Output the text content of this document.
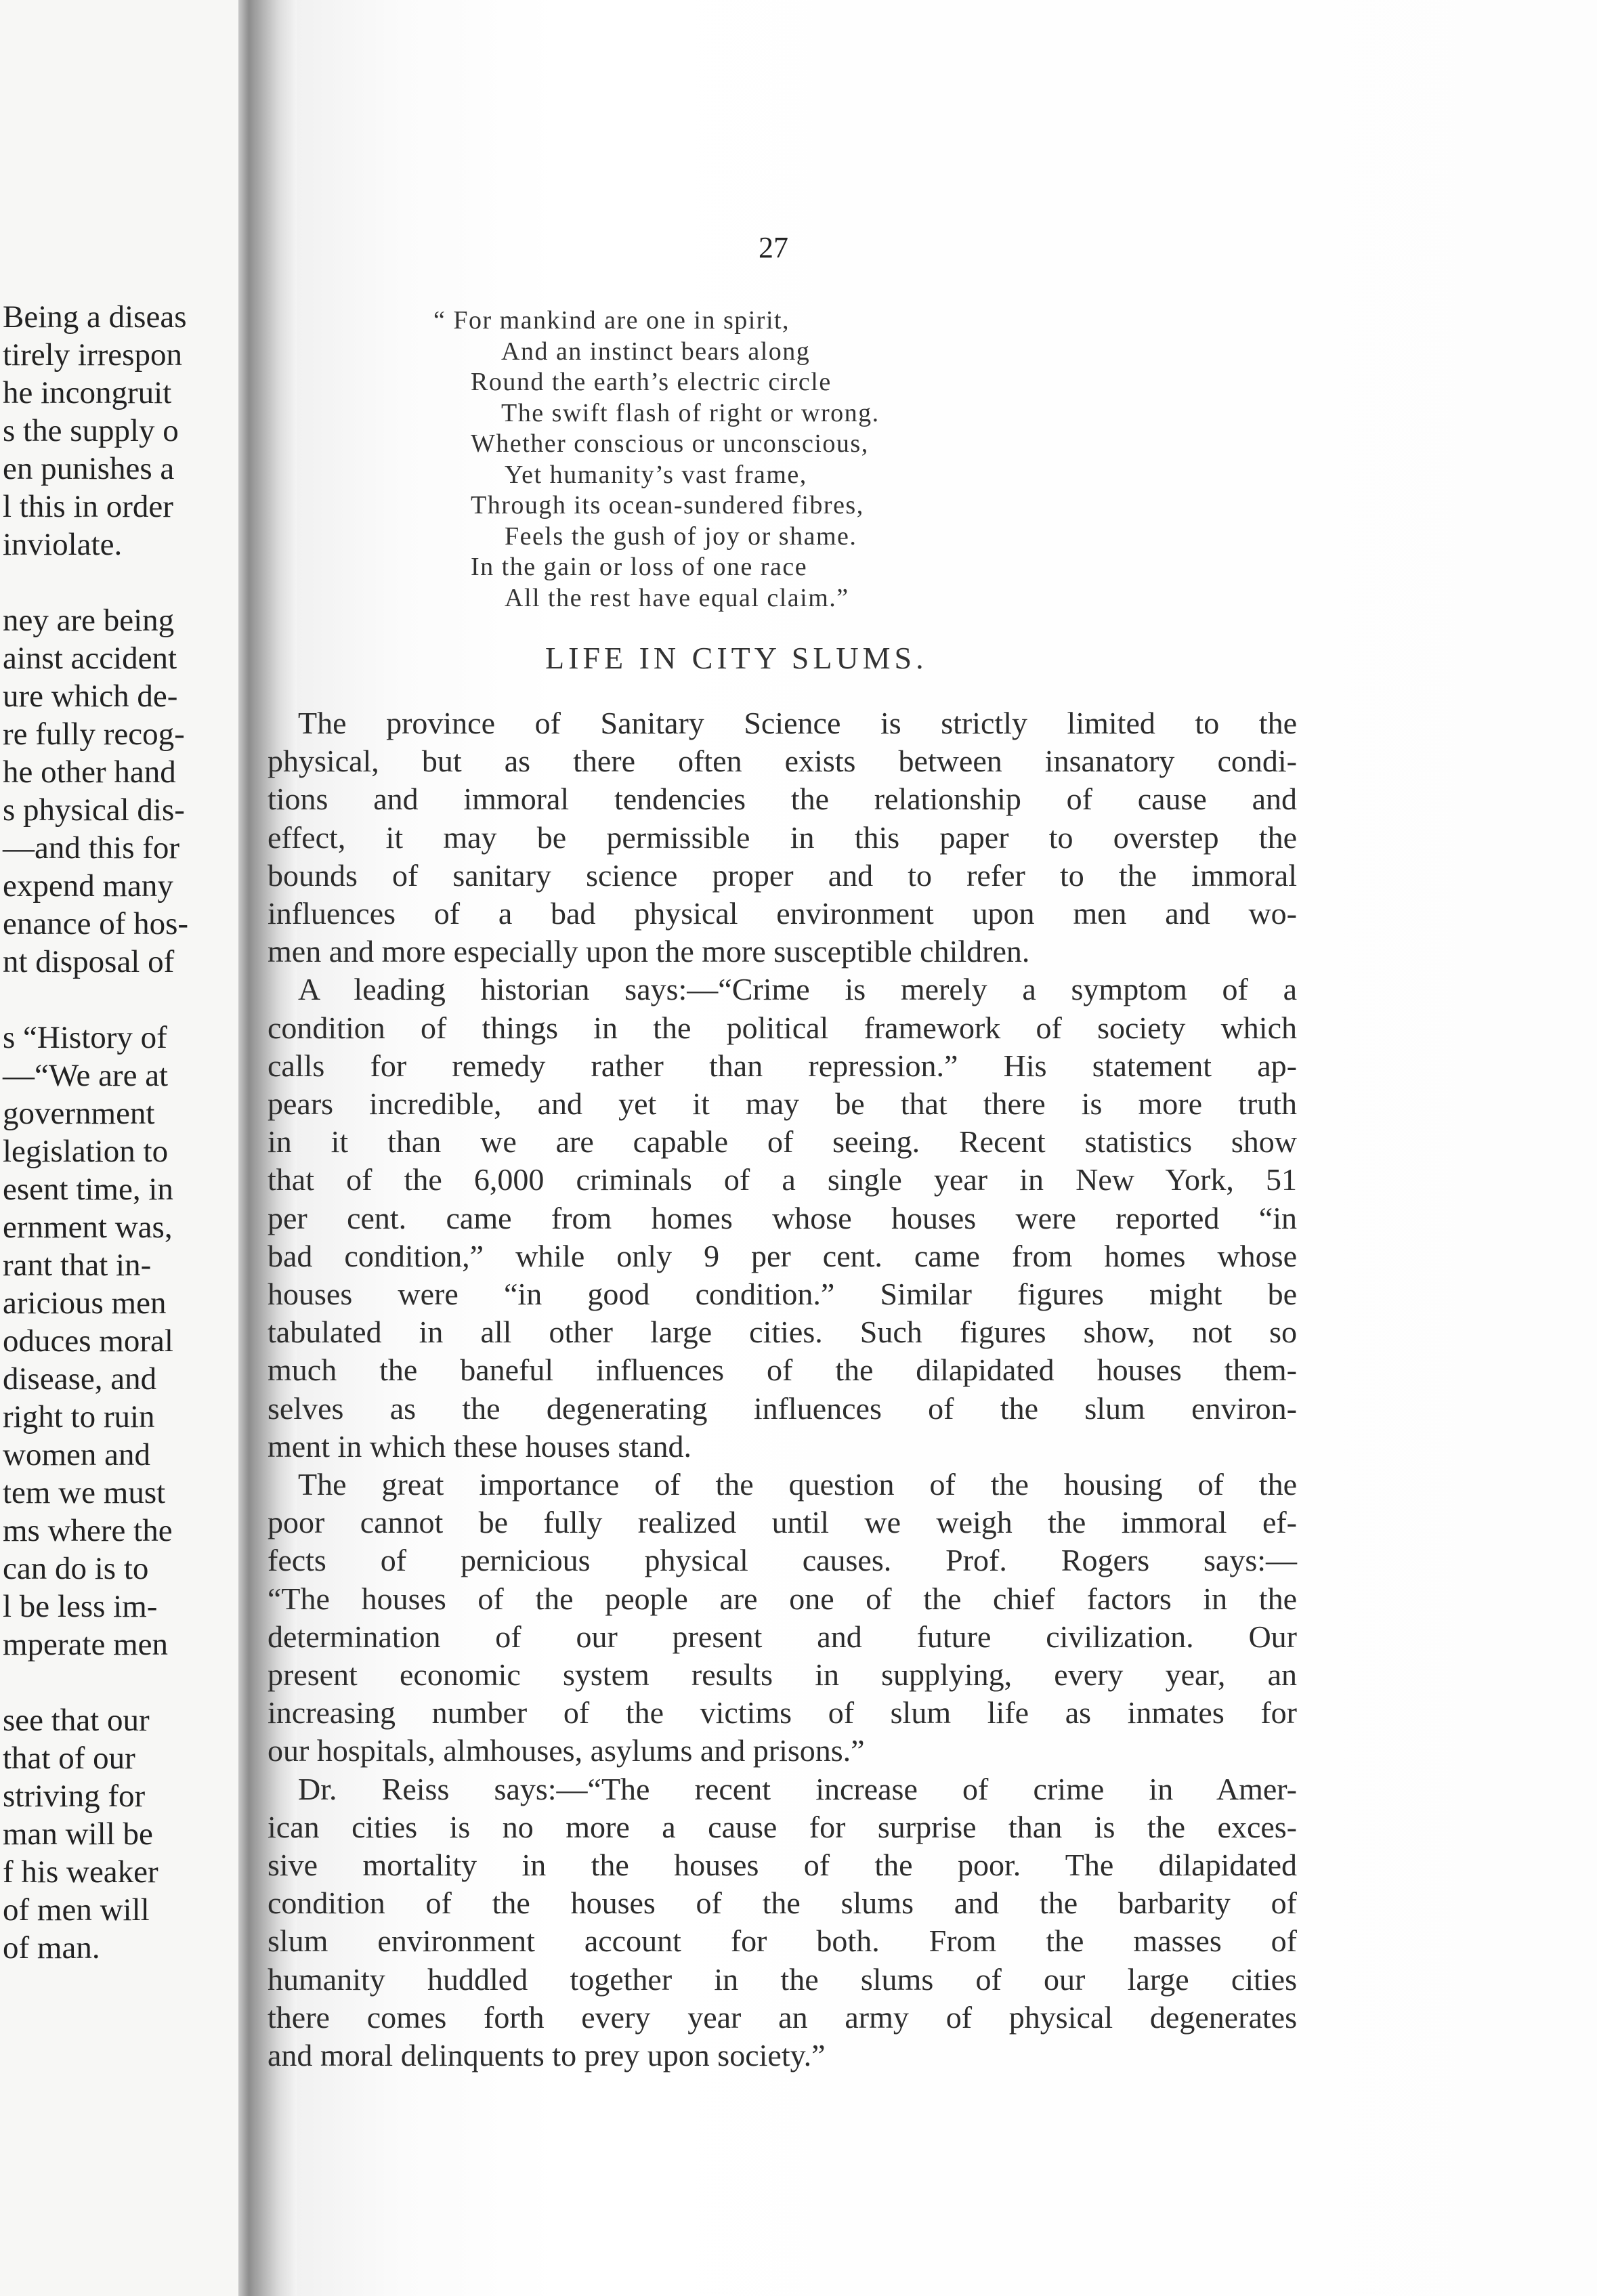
Being a diseas
tirely irrespon
he incongruit
s the supply o
en punishes a
l this in order
inviolate.
ney are being
ainst accident
ure which de-
re fully recog-
he other hand
s physical dis-
—and this for
expend many
enance of hos-
nt disposal of
s “History of
—“We are at
government
legislation to
esent time, in
ernment was,
rant that in-
aricious men
oduces moral
disease, and
right to ruin
women and
tem we must
ms where the
can do is to
l be less im-
mperate men
see that our
that of our
striving for
man will be
f his weaker
of men will
of man.
27
“ For mankind are one in spirit,
And an instinct bears along
Round the earth’s electric circle
The swift flash of right or wrong.
Whether conscious or unconscious,
Yet humanity’s vast frame,
Through its ocean-sundered fibres,
Feels the gush of joy or shame.
In the gain or loss of one race
All the rest have equal claim.”
LIFE IN CITY SLUMS.
The province of Sanitary Science is strictly limited to the
physical, but as there often exists between insanatory condi-
tions and immoral tendencies the relationship of cause and
effect, it may be permissible in this paper to overstep the
bounds of sanitary science proper and to refer to the immoral
influences of a bad physical environment upon men and wo-
men and more especially upon the more susceptible children.
A leading historian says:—“Crime is merely a symptom of a
condition of things in the political framework of society which
calls for remedy rather than repression.” His statement ap-
pears incredible, and yet it may be that there is more truth
in it than we are capable of seeing. Recent statistics show
that of the 6,000 criminals of a single year in New York, 51
per cent. came from homes whose houses were reported “in
bad condition,” while only 9 per cent. came from homes whose
houses were “in good condition.” Similar figures might be
tabulated in all other large cities. Such figures show, not so
much the baneful influences of the dilapidated houses them-
selves as the degenerating influences of the slum environ-
ment in which these houses stand.
The great importance of the question of the housing of the
poor cannot be fully realized until we weigh the immoral ef-
fects of pernicious physical causes. Prof. Rogers says:—
“The houses of the people are one of the chief factors in the
determination of our present and future civilization. Our
present economic system results in supplying, every year, an
increasing number of the victims of slum life as inmates for
our hospitals, almhouses, asylums and prisons.”
Dr. Reiss says:—“The recent increase of crime in Amer-
ican cities is no more a cause for surprise than is the exces-
sive mortality in the houses of the poor. The dilapidated
condition of the houses of the slums and the barbarity of
slum environment account for both. From the masses of
humanity huddled together in the slums of our large cities
there comes forth every year an army of physical degenerates
and moral delinquents to prey upon society.”
